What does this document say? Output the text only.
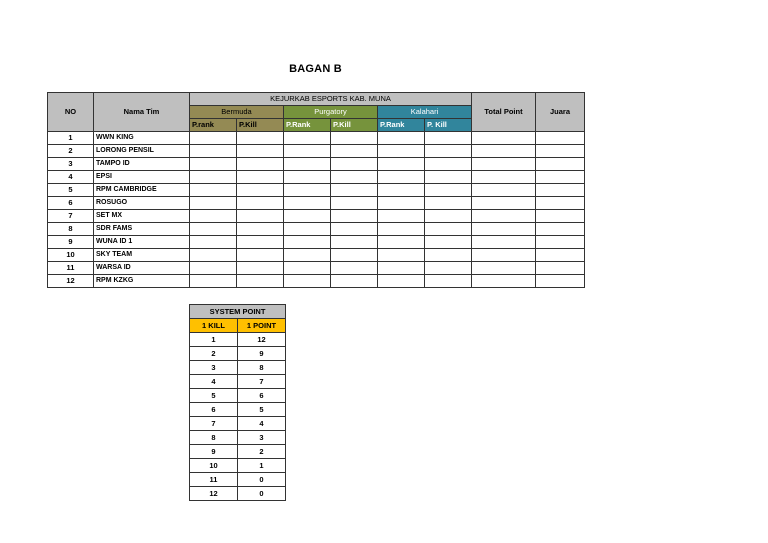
BAGAN B
NO	Nama Tim	KEJURKAB ESPORTS KAB. MUNA						Total Point	Juara
		Bermuda		Purgatory		Kalahari			
		P.rank	P.Kill	P.Rank	P.Kill	P.Rank	P. Kill		
1	WWN KING								
2	LORONG PENSIL								
3	TAMPO ID								
4	EPSI								
5	RPM CAMBRIDGE								
6	ROSUGO								
7	SET MX								
8	SDR FAMS								
9	WUNA ID 1								
10	SKY TEAM								
11	WARSA ID								
12	RPM KZKG								
SYSTEM POINT	
1 KILL	1 POINT
1	12
2	9
3	8
4	7
5	6
6	5
7	4
8	3
9	2
10	1
11	0
12	0
